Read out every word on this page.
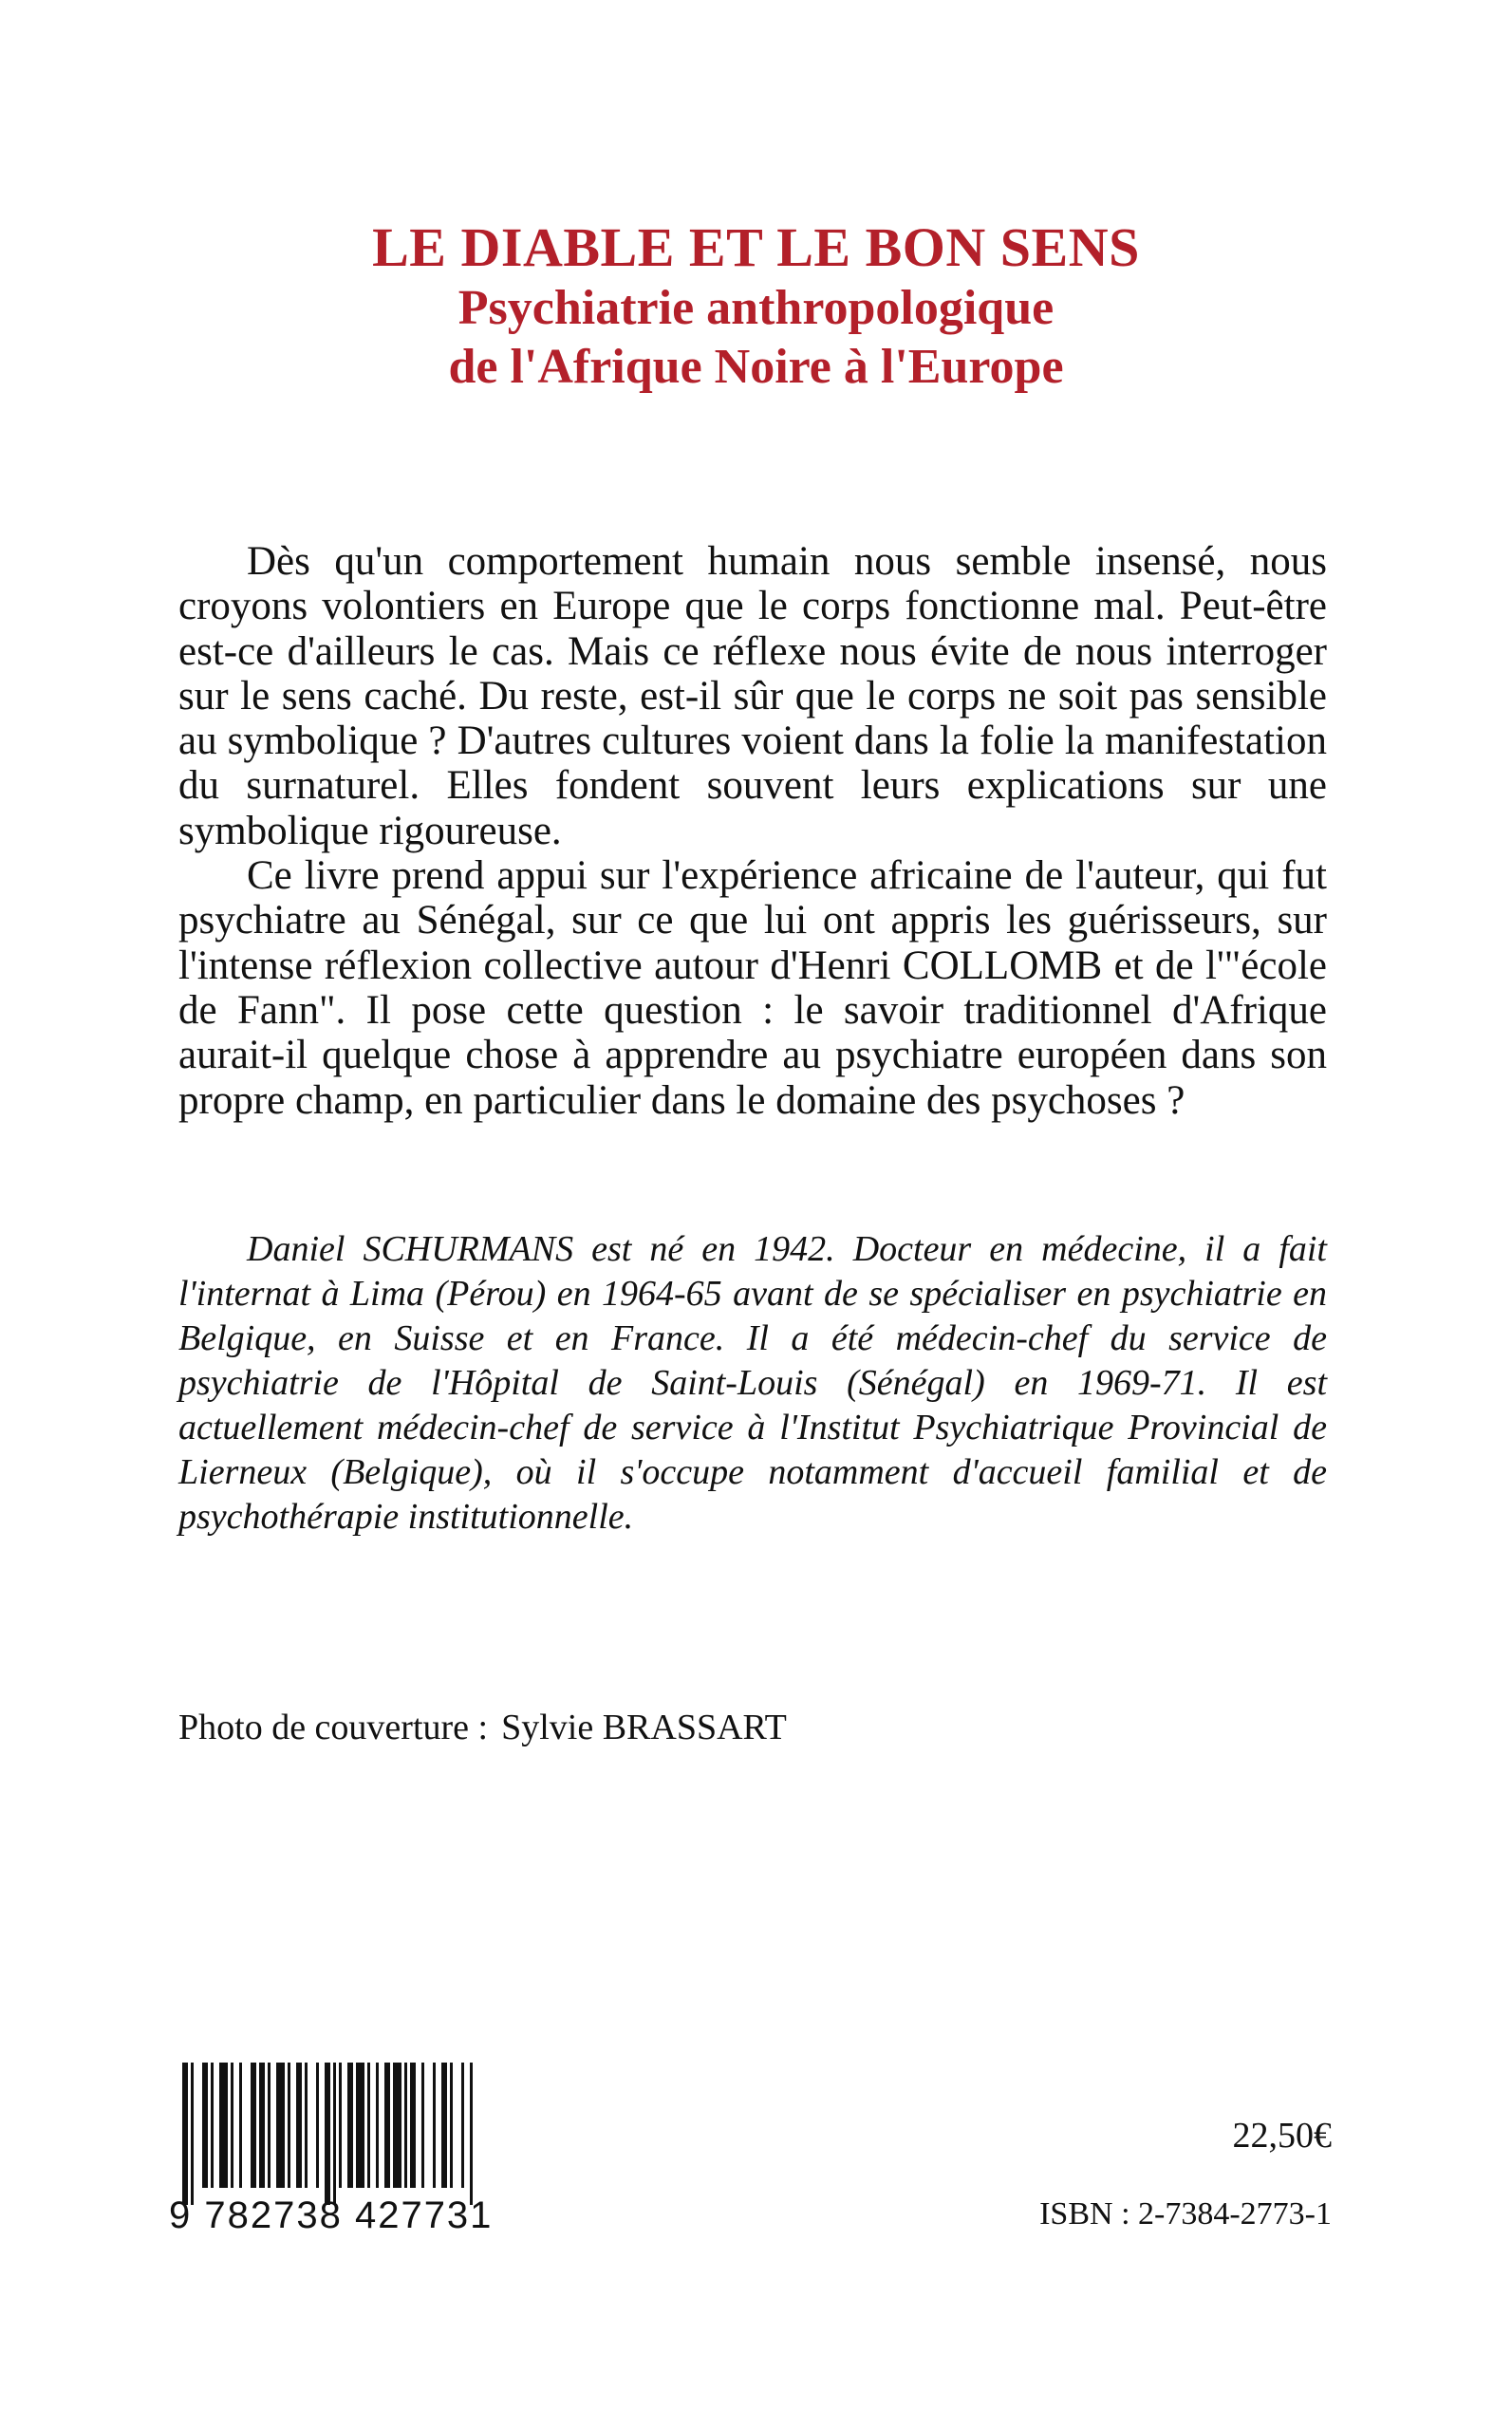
LE DIABLE ET LE BON SENS
Psychiatrie anthropologique
de l'Afrique Noire à l'Europe

Dès qu'un comportement humain nous semble insensé, nous croyons volontiers en Europe que le corps fonctionne mal. Peut-être est-ce d'ailleurs le cas. Mais ce réflexe nous évite de nous interroger sur le sens caché. Du reste, est-il sûr que le corps ne soit pas sensible au symbolique ? D'autres cultures voient dans la folie la manifestation du surnaturel. Elles fondent souvent leurs explications sur une symbolique rigoureuse.

Ce livre prend appui sur l'expérience africaine de l'auteur, qui fut psychiatre au Sénégal, sur ce que lui ont appris les guérisseurs, sur l'intense réflexion collective autour d'Henri COLLOMB et de l'"école de Fann". Il pose cette question : le savoir traditionnel d'Afrique aurait-il quelque chose à apprendre au psychiatre européen dans son propre champ, en particulier dans le domaine des psychoses ?

Daniel SCHURMANS est né en 1942. Docteur en médecine, il a fait l'internat à Lima (Pérou) en 1964-65 avant de se spécialiser en psychiatrie en Belgique, en Suisse et en France. Il a été médecin-chef du service de psychiatrie de l'Hôpital de Saint-Louis (Sénégal) en 1969-71. Il est actuellement médecin-chef de service à l'Institut Psychiatrique Provincial de Lierneux (Belgique), où il s'occupe notamment d'accueil familial et de psychothérapie institutionnelle.

Photo de couverture : Sylvie BRASSART
9 782738 427731
22,50€
ISBN : 2-7384-2773-1
